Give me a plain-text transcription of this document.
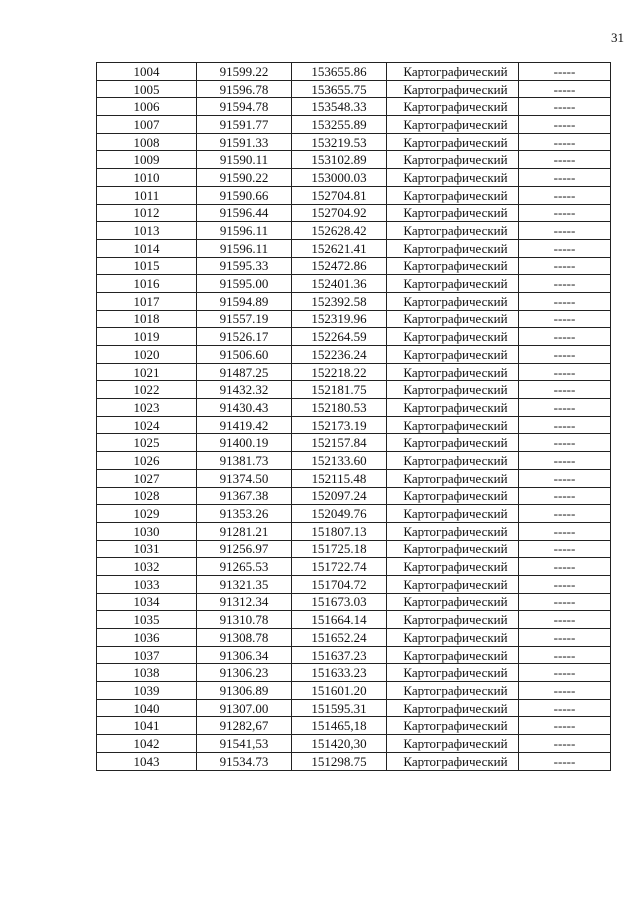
31
1004	91599.22	153655.86	Картографический	-----
1005	91596.78	153655.75	Картографический	-----
1006	91594.78	153548.33	Картографический	-----
1007	91591.77	153255.89	Картографический	-----
1008	91591.33	153219.53	Картографический	-----
1009	91590.11	153102.89	Картографический	-----
1010	91590.22	153000.03	Картографический	-----
1011	91590.66	152704.81	Картографический	-----
1012	91596.44	152704.92	Картографический	-----
1013	91596.11	152628.42	Картографический	-----
1014	91596.11	152621.41	Картографический	-----
1015	91595.33	152472.86	Картографический	-----
1016	91595.00	152401.36	Картографический	-----
1017	91594.89	152392.58	Картографический	-----
1018	91557.19	152319.96	Картографический	-----
1019	91526.17	152264.59	Картографический	-----
1020	91506.60	152236.24	Картографический	-----
1021	91487.25	152218.22	Картографический	-----
1022	91432.32	152181.75	Картографический	-----
1023	91430.43	152180.53	Картографический	-----
1024	91419.42	152173.19	Картографический	-----
1025	91400.19	152157.84	Картографический	-----
1026	91381.73	152133.60	Картографический	-----
1027	91374.50	152115.48	Картографический	-----
1028	91367.38	152097.24	Картографический	-----
1029	91353.26	152049.76	Картографический	-----
1030	91281.21	151807.13	Картографический	-----
1031	91256.97	151725.18	Картографический	-----
1032	91265.53	151722.74	Картографический	-----
1033	91321.35	151704.72	Картографический	-----
1034	91312.34	151673.03	Картографический	-----
1035	91310.78	151664.14	Картографический	-----
1036	91308.78	151652.24	Картографический	-----
1037	91306.34	151637.23	Картографический	-----
1038	91306.23	151633.23	Картографический	-----
1039	91306.89	151601.20	Картографический	-----
1040	91307.00	151595.31	Картографический	-----
1041	91282,67	151465,18	Картографический	-----
1042	91541,53	151420,30	Картографический	-----
1043	91534.73	151298.75	Картографический	-----
